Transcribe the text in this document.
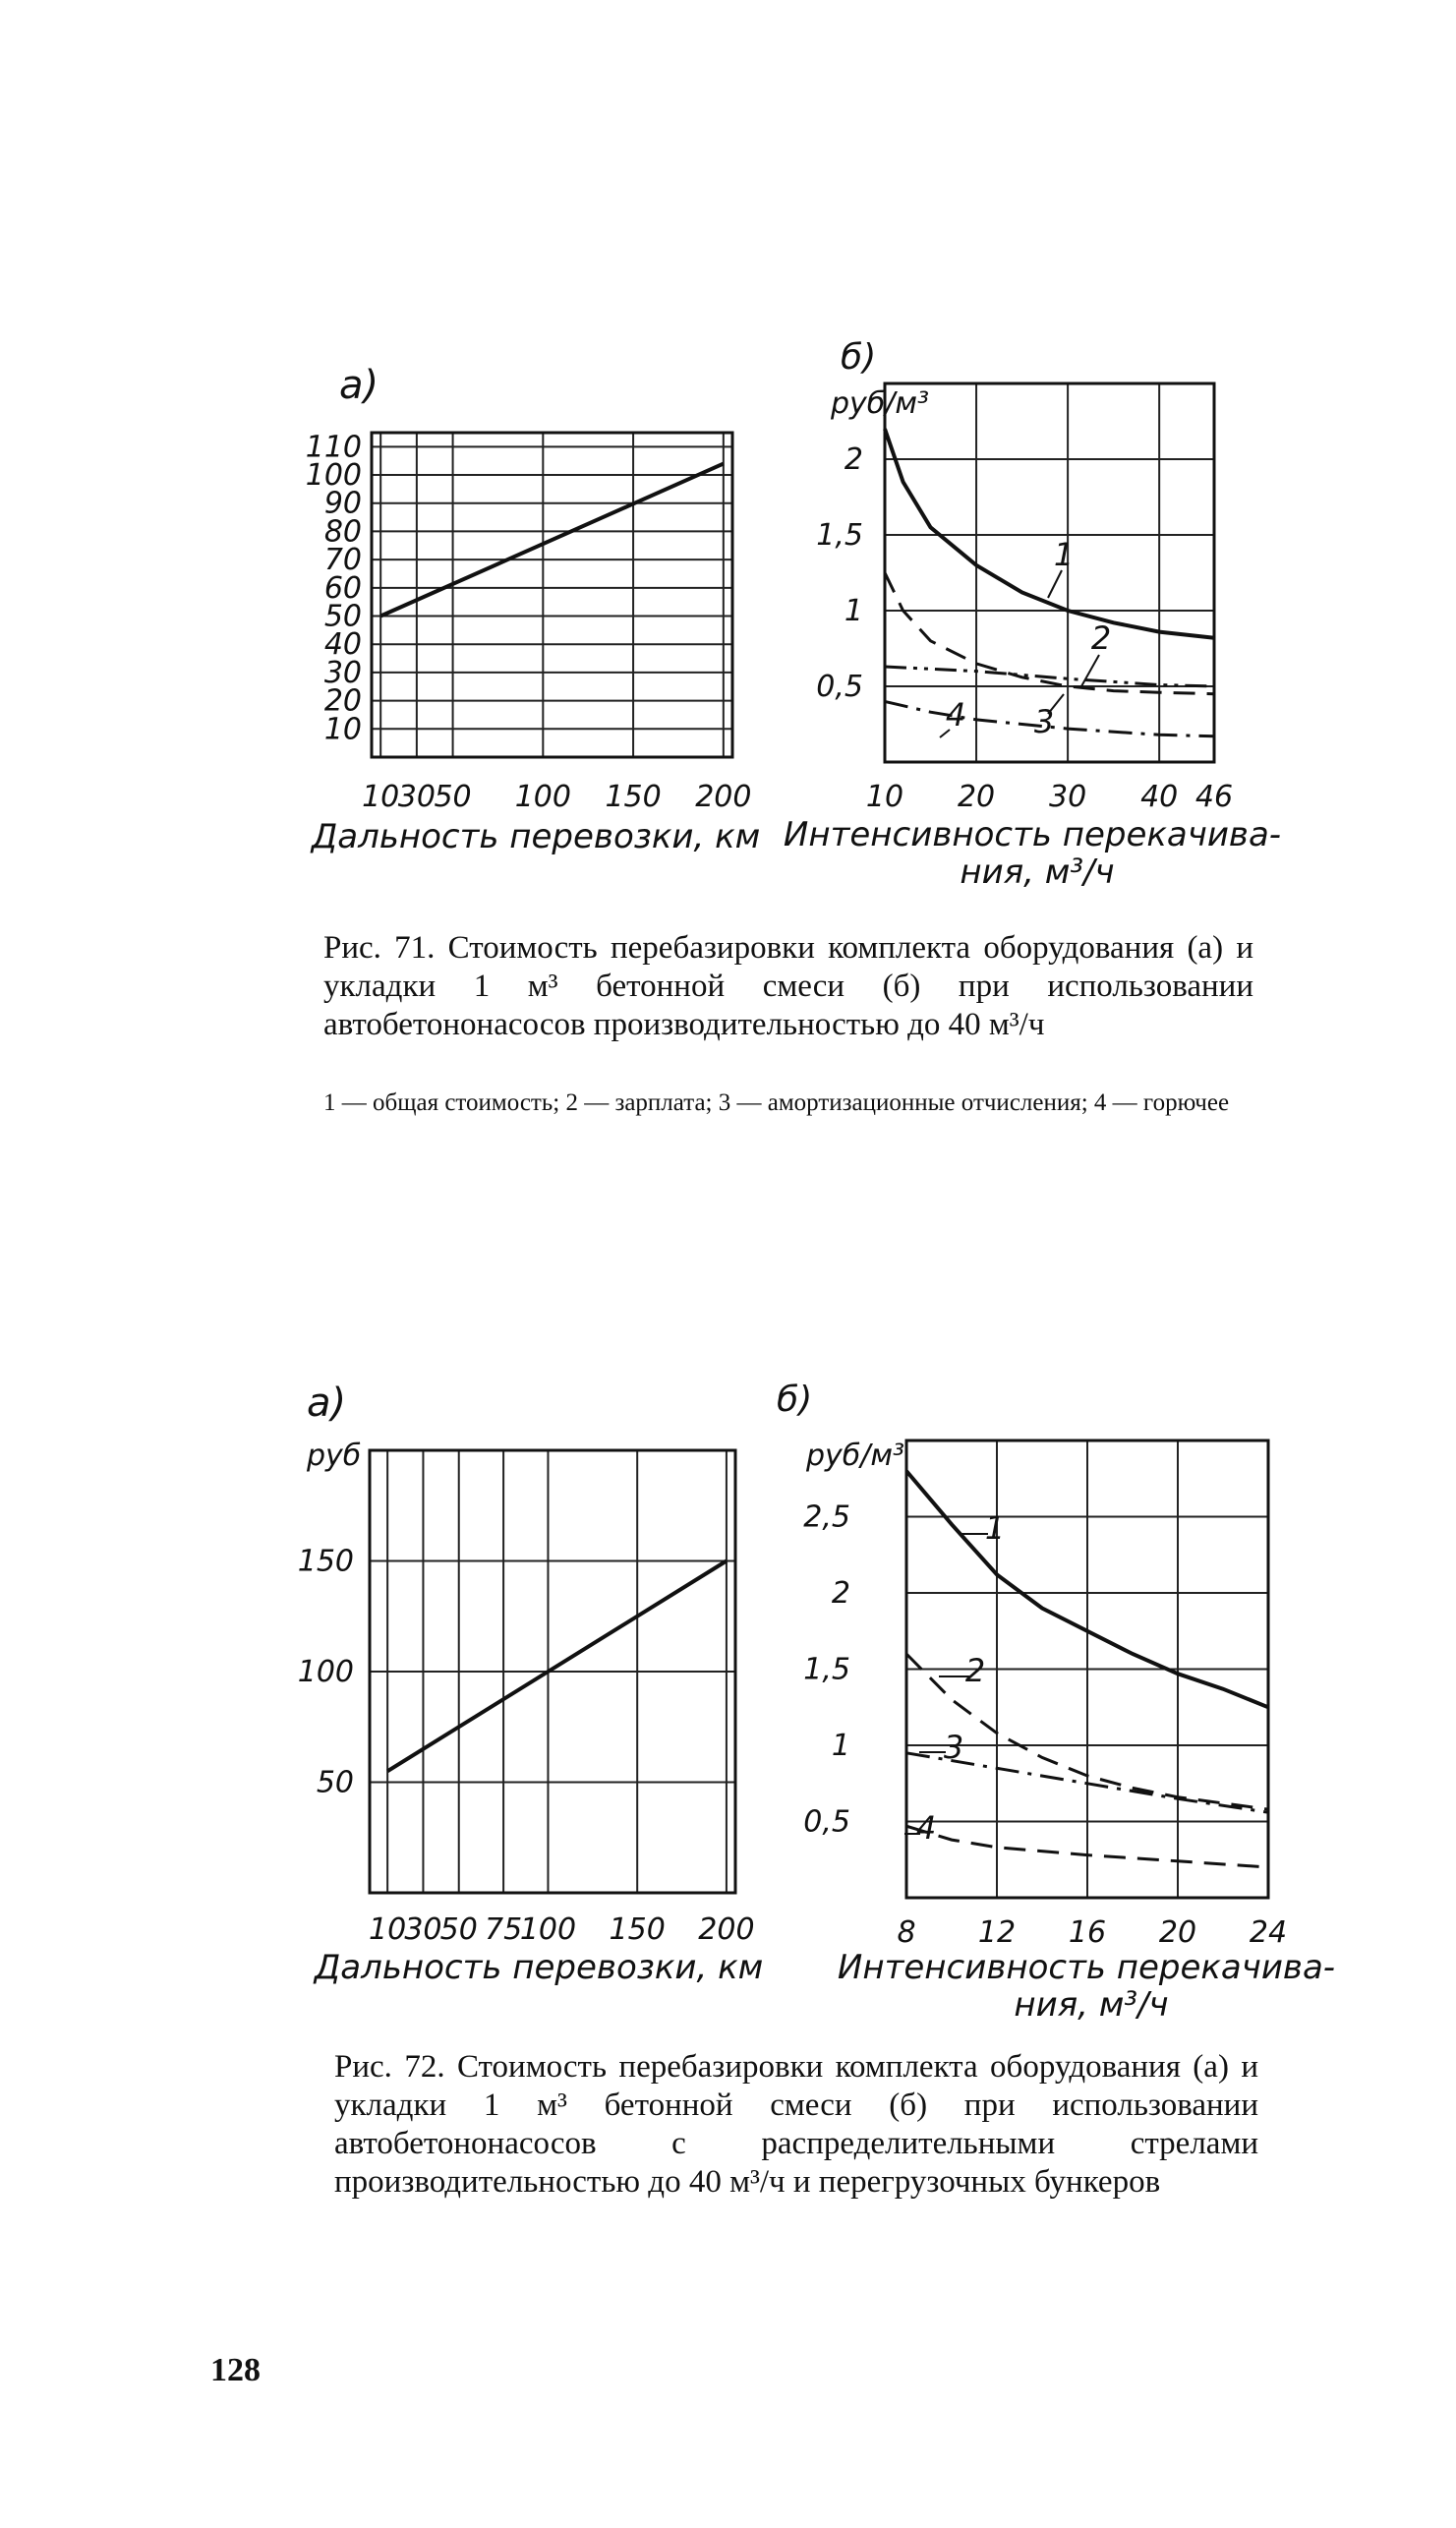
10
30
50 100 150 200
10
20
30
40
50
60
70
80
90
100
110
а)
Дальность перевозки, км
10 20 30 40 46
0,5
1
1,5
2
б)
руб/м³
Интенсивность перекачива-
ния, м³/ч
1
2
3
4
10
30
50 75
100 150 200
50
100
150
а)
руб
Дальность перевозки, км
8 12 16 20 24
0,5
1
1,5
2
2,5
б)
руб/м³
Интенсивность перекачива-
ния, м³/ч
1
2
3
4
Рис. 71. Стоимость перебазировки комплекта оборудования (а) и укладки 1 м³ бетонной смеси (б) при использовании автобетононасосов производительностью до 40 м³/ч
1 — общая стоимость; 2 — зарплата; 3 — амортизационные отчисления; 4 — горючее
Рис. 72. Стоимость перебазировки комплекта оборудования (а) и укладки 1 м³ бетонной смеси (б) при использовании автобетононасосов с распределительными стрелами производительностью до 40 м³/ч и перегрузочных бункеров
128
